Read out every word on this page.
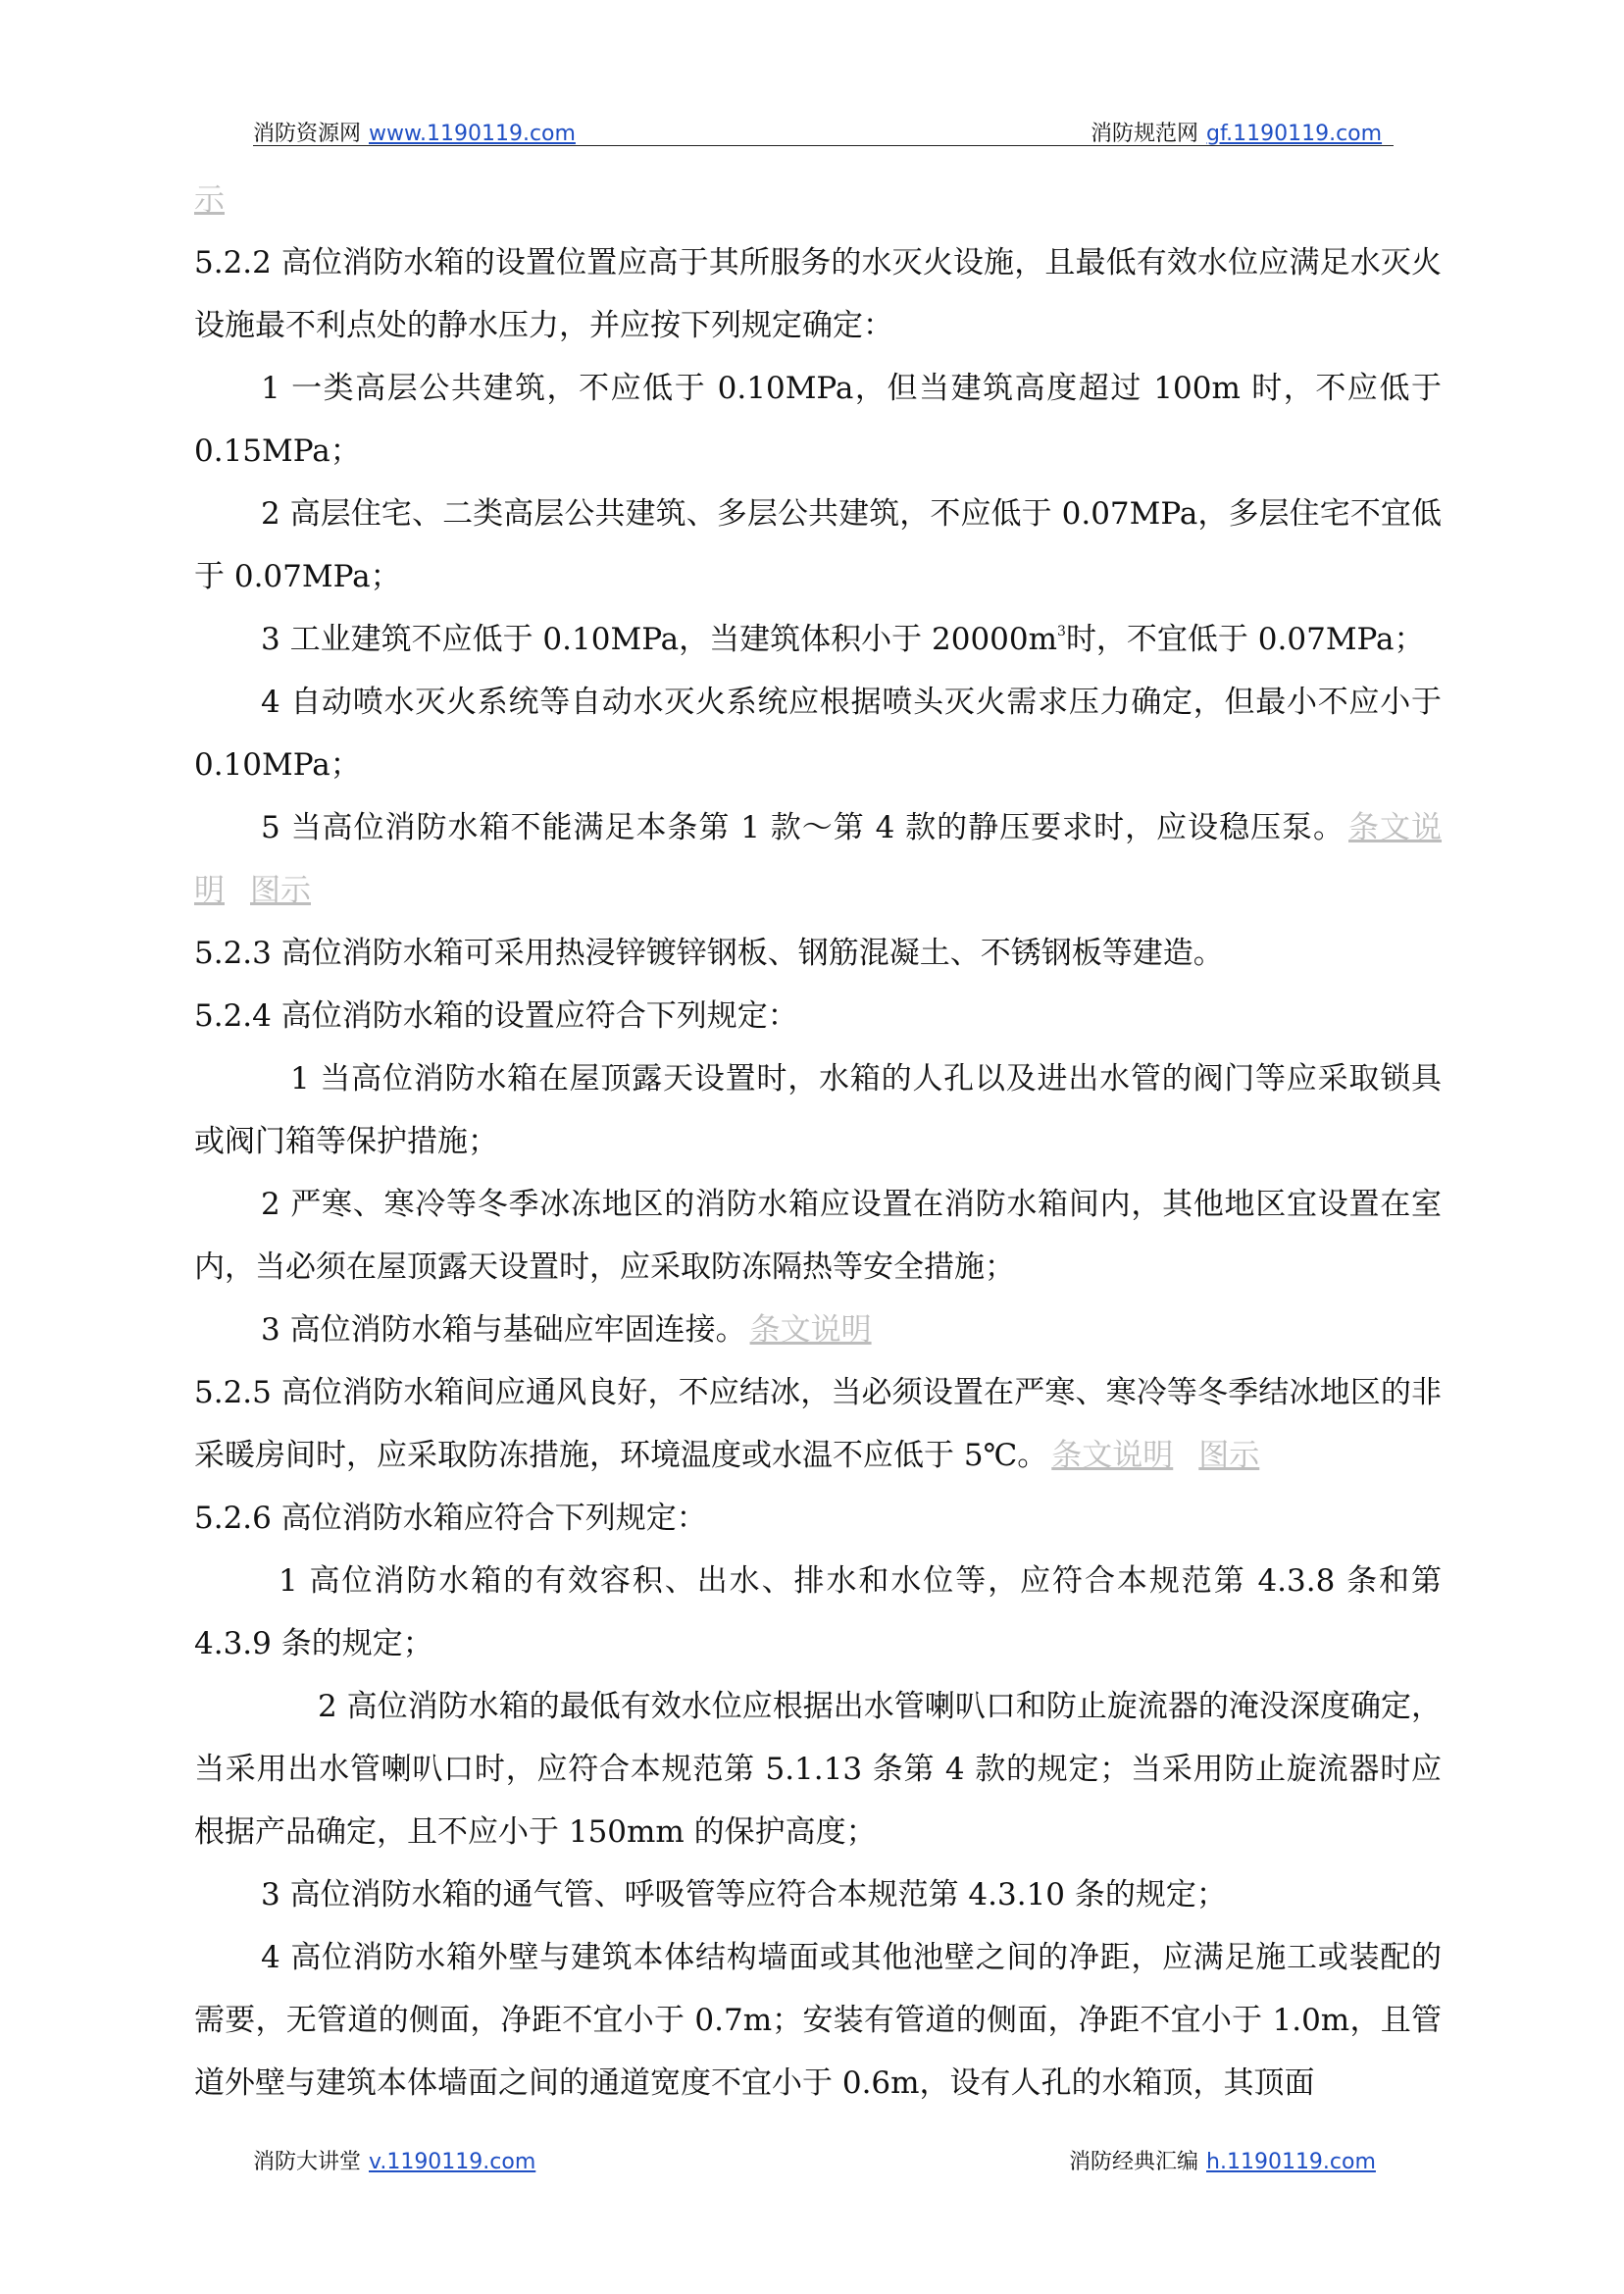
消防资源网 www.1190119.com	消防规范网 gf.1190119.com

示

5.2.2 高位消防水箱的设置位置应高于其所服务的水灭火设施，且最低有效水位应满足水灭火设施最不利点处的静水压力，并应按下列规定确定：

1 一类高层公共建筑，不应低于 0.10MPa，但当建筑高度超过 100m 时，不应低于 0.15MPa；

2 高层住宅、二类高层公共建筑、多层公共建筑，不应低于 0.07MPa，多层住宅不宜低于 0.07MPa；

3 工业建筑不应低于 0.10MPa，当建筑体积小于 $20000m^3$时，不宜低于 0.07MPa；

4 自动喷水灭火系统等自动水灭火系统应根据喷头灭火需求压力确定，但最小不应小于 0.10MPa；

5 当高位消防水箱不能满足本条第 1 款～第 4 款的静压要求时，应设稳压泵。 条文说明 图示

5.2.3 高位消防水箱可采用热浸锌镀锌钢板、钢筋混凝土、不锈钢板等建造。

5.2.4 高位消防水箱的设置应符合下列规定：

1 当高位消防水箱在屋顶露天设置时，水箱的人孔以及进出水管的阀门等应采取锁具或阀门箱等保护措施；

2 严寒、寒冷等冬季冰冻地区的消防水箱应设置在消防水箱间内，其他地区宜设置在室内，当必须在屋顶露天设置时，应采取防冻隔热等安全措施；

3 高位消防水箱与基础应牢固连接。 条文说明

5.2.5 高位消防水箱间应通风良好，不应结冰，当必须设置在严寒、寒冷等冬季结冰地区的非采暖房间时，应采取防冻措施，环境温度或水温不应低于 5℃。 条文说明 图示

5.2.6 高位消防水箱应符合下列规定：

1 高位消防水箱的有效容积、出水、排水和水位等，应符合本规范第 4.3.8 条和第 4.3.9 条的规定；

2 高位消防水箱的最低有效水位应根据出水管喇叭口和防止旋流器的淹没深度确定，当采用出水管喇叭口时，应符合本规范第 5.1.13 条第 4 款的规定；当采用防止旋流器时应根据产品确定，且不应小于 150mm 的保护高度；

3 高位消防水箱的通气管、呼吸管等应符合本规范第 4.3.10 条的规定；

4 高位消防水箱外壁与建筑本体结构墙面或其他池壁之间的净距，应满足施工或装配的需要，无管道的侧面，净距不宜小于 0.7m；安装有管道的侧面，净距不宜小于 1.0m，且管道外壁与建筑本体墙面之间的通道宽度不宜小于 0.6m，设有人孔的水箱顶，其顶面

消防大讲堂 v.1190119.com	消防经典汇编 h.1190119.com
